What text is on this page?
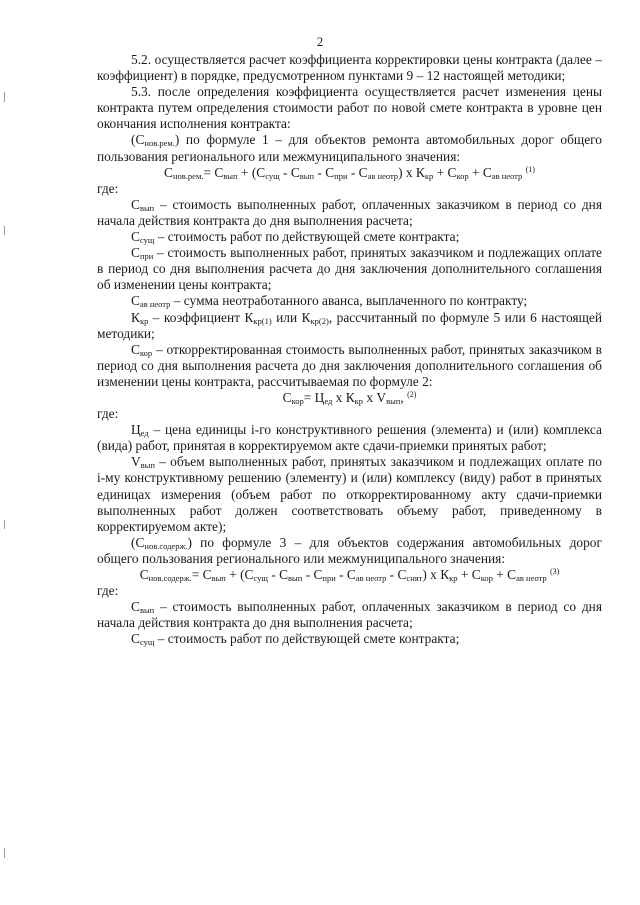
2

5.2. осуществляется расчет коэффициента корректировки цены контракта (далее – коэффициент) в порядке, предусмотренном пунктами 9 – 12 настоящей методики;

5.3. после определения коэффициента осуществляется расчет изменения цены контракта путем определения стоимости работ по новой смете контракта в уровне цен окончания исполнения контракта:

$(С_{нов.рем.})$ по формуле 1 – для объектов ремонта автомобильных дорог общего пользования регионального или межмуниципального значения:

$С_{нов.рем.}= С_{вып} + (С_{сущ} - С_{вып} - С_{при} - С_{ав неотр})$ x $К_{кр} + С_{кор} + С_{ав неотр}$ $^{(1)}$

где:

$С_{вып}$ – стоимость выполненных работ, оплаченных заказчиком в период со дня начала действия контракта до дня выполнения расчета;

$С_{сущ}$ – стоимость работ по действующей смете контракта;

$С_{при}$ – стоимость выполненных работ, принятых заказчиком и подлежащих оплате в период со дня выполнения расчета до дня заключения дополнительного соглашения об изменении цены контракта;

$С_{ав неотр}$ – сумма неотработанного аванса, выплаченного по контракту;

$К_{кр}$ – коэффициент $К_{кр(1)}$ или $К_{кр(2)}$, рассчитанный по формуле 5 или 6 настоящей методики;

$С_{кор}$ – откорректированная стоимость выполненных работ, принятых заказчиком в период со дня выполнения расчета до дня заключения дополнительного соглашения об изменении цены контракта, рассчитываемая по формуле 2:

$С_{кор}= Ц_{ед}$ х $К_{кр}$ х $V_{вып}$, $^{(2)}$

где:

$Ц_{ед}$ – цена единицы i-го конструктивного решения (элемента) и (или) комплекса (вида) работ, принятая в корректируемом акте сдачи-приемки принятых работ;

$V_{вып}$ – объем выполненных работ, принятых заказчиком и подлежащих оплате по i-му конструктивному решению (элементу) и (или) комплексу (виду) работ в принятых единицах измерения (объем работ по откорректированному акту сдачи-приемки выполненных работ должен соответствовать объему работ, приведенному в корректируемом акте);

$(С_{нов.содерж.})$ по формуле 3 – для объектов содержания автомобильных дорог общего пользования регионального или межмуниципального значения:

$С_{нов.содерж.}= С_{вып} + (С_{сущ} - С_{вып} - С_{при} - С_{ав неотр} - С_{снят})$ x $К_{кр} + С_{кор} + С_{ав неотр}$ $^{(3)}$

где:

$С_{вып}$ – стоимость выполненных работ, оплаченных заказчиком в период со дня начала действия контракта до дня выполнения расчета;

$С_{сущ}$ – стоимость работ по действующей смете контракта;
